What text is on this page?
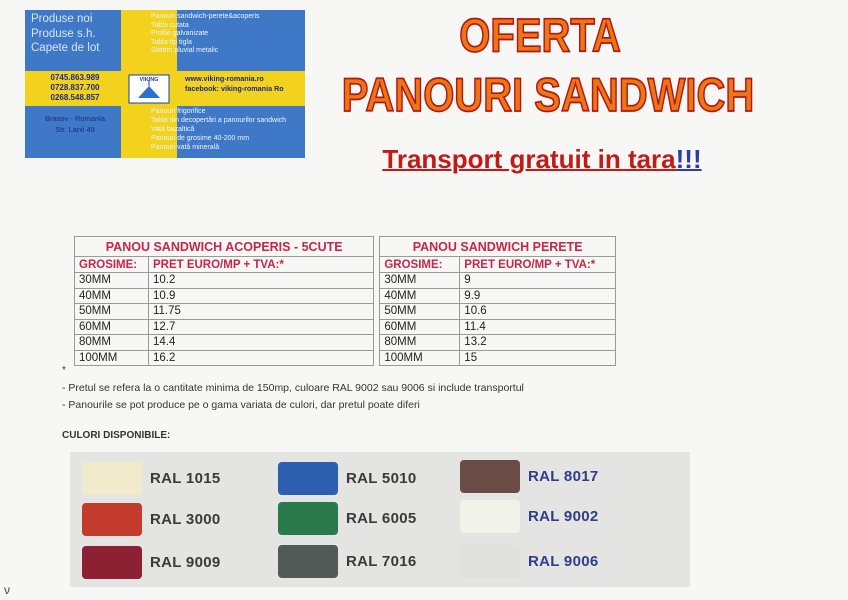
Produse noi
Produse s.h.
Capete de lot
0745.863.989
0728.837.700
0268.548.857
Brasov - Romania
Str. Lanii 49
Panouri sandwich-perete&acoperis
Tabla cutata
Profile galvanizate
Tabla tip tigla
Sistem pluvial metalic
VIKING	www.viking-romania.ro
facebook: viking-romania Ro
Panouri frigorifice
Tabla din decopertări a panourilor sandwich
Vată bazaltică
Panouri de grosime 40-200 mm
Panouri vată minerală
OFERTA
PANOURI SANDWICH
Transport gratuit in tara!!!
PANOU SANDWICH ACOPERIS - 5CUTE			PANOU SANDWICH PERETE	
GROSIME:	PRET EURO/MP + TVA:*		GROSIME:	PRET EURO/MP + TVA:*
30MM	10.2		30MM	9
40MM	10.9		40MM	9.9
50MM	11.75		50MM	10.6
60MM	12.7		60MM	11.4
80MM	14.4		80MM	13.2
100MM	16.2		100MM	15
*
- Pretul se refera la o cantitate minima de 150mp, culoare RAL 9002 sau 9006 si include transportul
- Panourile se pot produce pe o gama variata de culori, dar pretul poate diferi
CULORI DISPONIBILE:
RAL 1015	RAL 5010	RAL 8017
RAL 3000	RAL 6005	RAL 9002
RAL 9009	RAL 7016	RAL 9006
ν
